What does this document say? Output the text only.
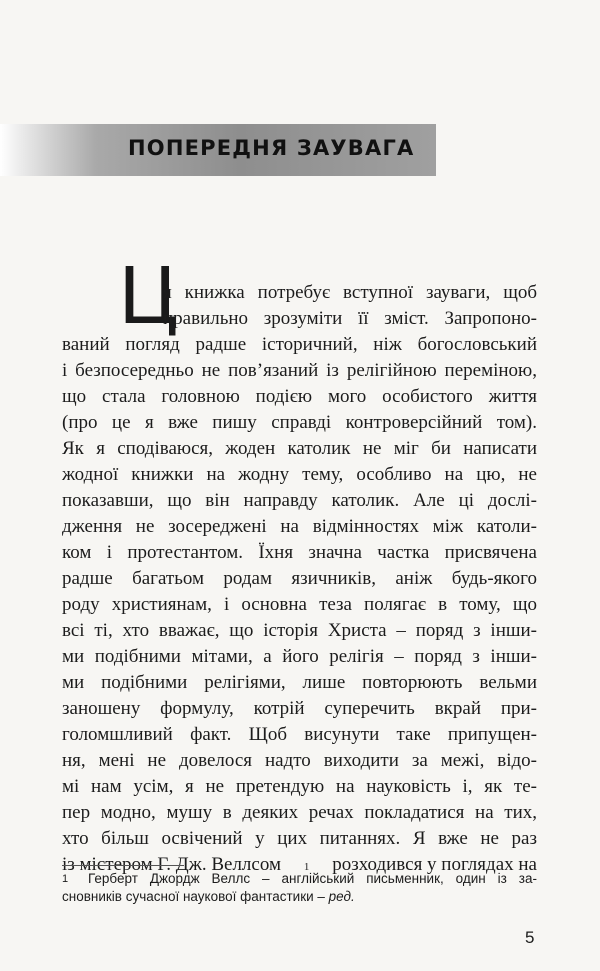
ПОПЕРЕДНЯ ЗАУВАГА
Ц
я книжка потребує вступної зауваги, щоб
правильно зрозуміти її зміст. Запропоно-
ваний погляд радше історичний, ніж богословський
і безпосередньо не пов’язаний із релігійною переміною,
що стала головною подією мого особистого життя
(про це я вже пишу справді контроверсійний том).
Як я сподіваюся, жоден католик не міг би написати
жодної книжки на жодну тему, особливо на цю, не
показавши, що він направду католик. Але ці дослі-
дження не зосереджені на відмінностях між католи-
ком і протестантом. Їхня значна частка присвячена
радше багатьом родам язичників, аніж будь-якого
роду християнам, і основна теза полягає в тому, що
всі ті, хто вважає, що історія Христа – поряд з інши-
ми подібними мітами, а його релігія – поряд з інши-
ми подібними релігіями, лише повторюють вельми
заношену формулу, котрій суперечить вкрай при-
голомшливий факт. Щоб висунути таке припущен-
ня, мені не довелося надто виходити за межі, відо-
мі нам усім, я не претендую на науковість і, як те-
пер модно, мушу в деяких речах покладатися на тих,
хто більш освічений у цих питаннях. Я вже не раз
із містером Г. Дж. Веллсом 1 розходився у поглядах на
1 Герберт Джордж Веллс – англійський письменник, один із за-
сновників сучасної наукової фантастики – ред.
5
